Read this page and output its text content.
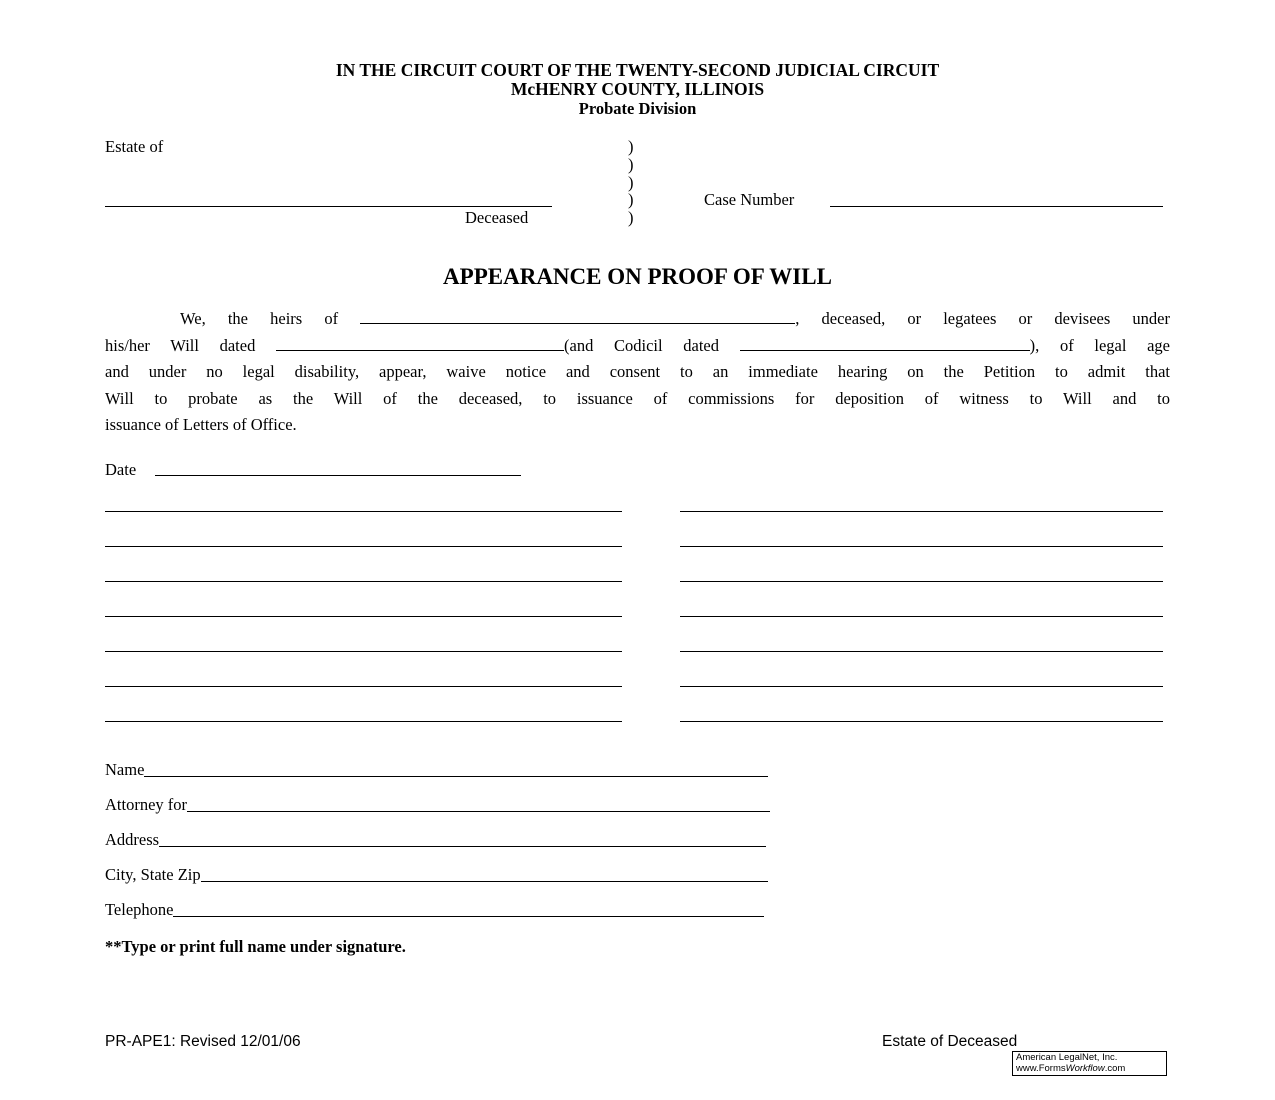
IN THE CIRCUIT COURT OF THE TWENTY-SECOND JUDICIAL CIRCUIT
McHENRY COUNTY, ILLINOIS
Probate Division
Estate of
Deceased
)
)
)
)
)
Case Number
APPEARANCE ON PROOF OF WILL
We, the heirs of	, deceased, or legatees or devisees under
his/her Will dated	(and Codicil dated	), of legal age
and under no legal disability, appear, waive notice and consent to an immediate hearing on the Petition to admit that
Will to probate as the Will of the deceased, to issuance of commissions for deposition of witness to Will and to
issuance of Letters of Office.
Date
Name
Attorney for
Address
City, State Zip
Telephone
**Type or print full name under signature.
PR-APE1: Revised 12/01/06	Estate of Deceased
American LegalNet, Inc.
www.FormsWorkflow.com
